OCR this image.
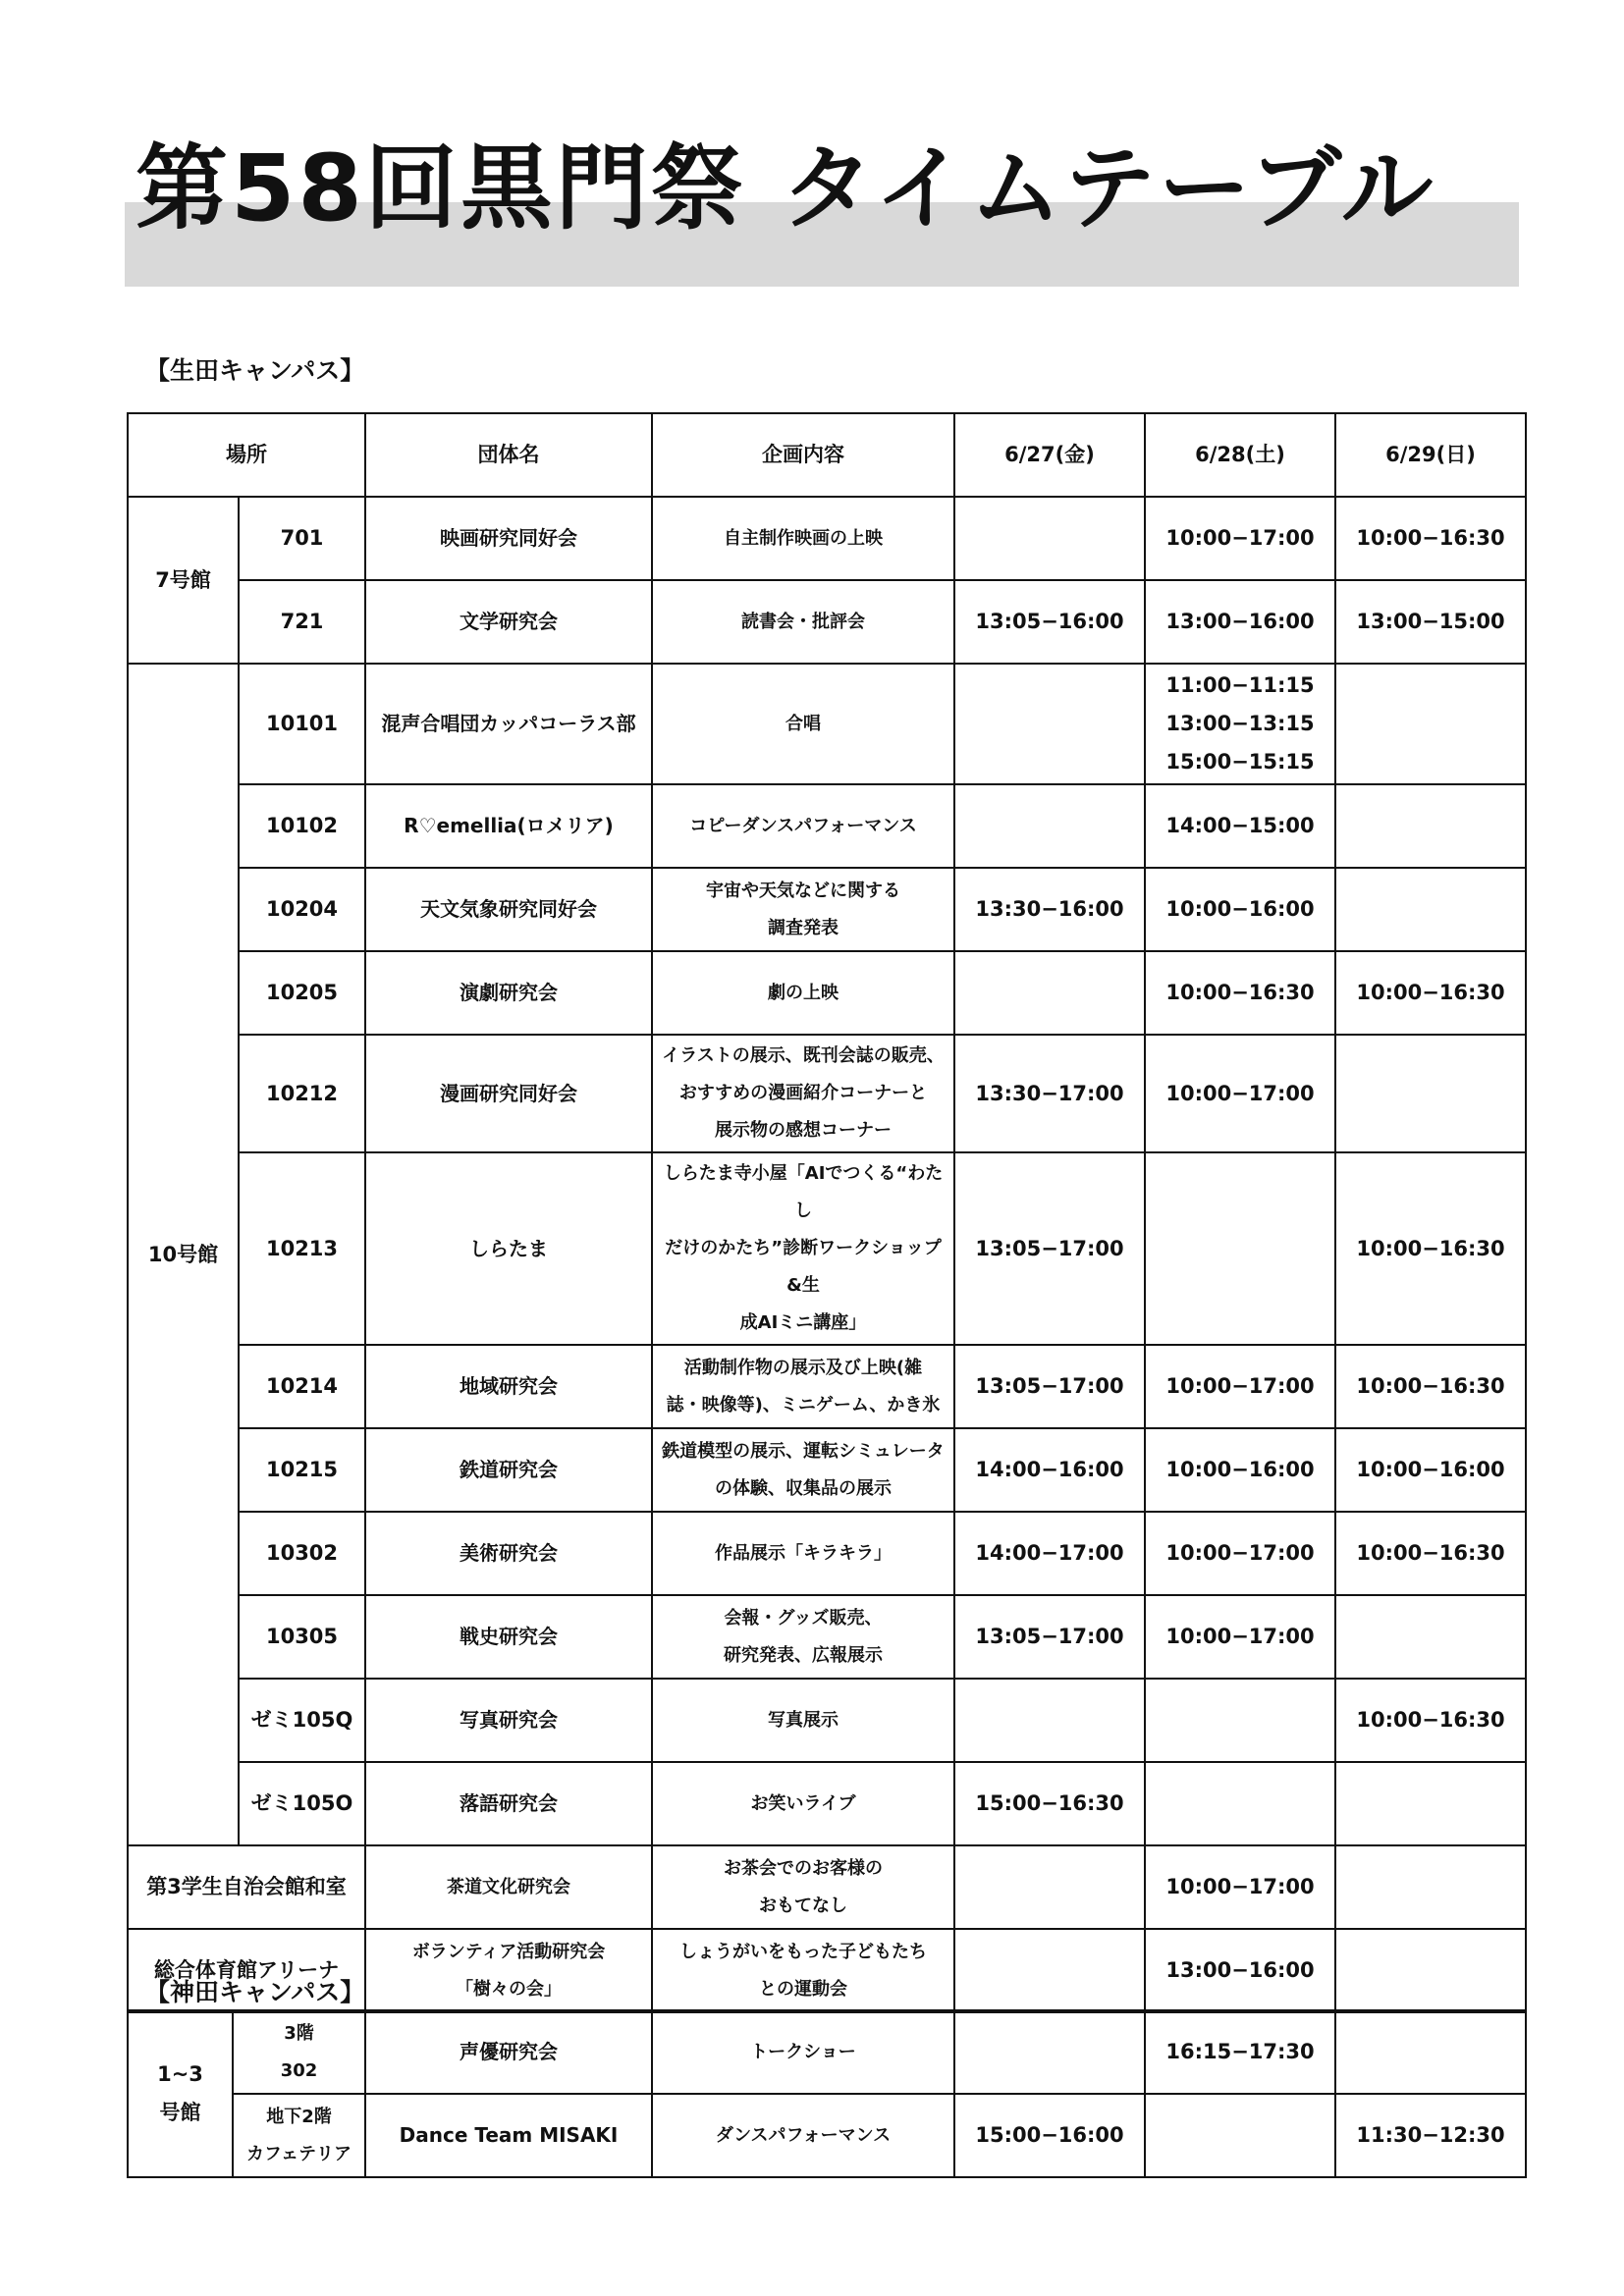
第58回黒門祭 タイムテーブル
【生田キャンパス】
場所		団体名	企画内容	6/27(金)	6/28(土)	6/29(日)

7号館	701	映画研究同好会	自主制作映画の上映		10:00−17:00	10:00−16:30

	721	文学研究会	読書会・批評会	13:05−16:00	13:00−16:00	13:00−15:00

10号館	10101	混声合唱団カッパコーラス部	合唱		11:00−11:15
13:00−13:15
15:00−15:15	

	10102	R♡emellia(ロメリア)	コピーダンスパフォーマンス		14:00−15:00	

	10204	天文気象研究同好会	宇宙や天気などに関する
調査発表	13:30−16:00	10:00−16:00	

	10205	演劇研究会	劇の上映		10:00−16:30	10:00−16:30

	10212	漫画研究同好会	イラストの展示、既刊会誌の販売、
おすすめの漫画紹介コーナーと
展示物の感想コーナー	13:30−17:00	10:00−17:00	

	10213	しらたま	しらたま寺小屋「AIでつくる“わたし
だけのかたち”診断ワークショップ&生
成AIミニ講座」	13:05−17:00		10:00−16:30

	10214	地域研究会	活動制作物の展示及び上映(雑
誌・映像等)、ミニゲーム、かき氷	13:05−17:00	10:00−17:00	10:00−16:30

	10215	鉄道研究会	鉄道模型の展示、運転シミュレータ
の体験、収集品の展示	14:00−16:00	10:00−16:00	10:00−16:00

	10302	美術研究会	作品展示「キラキラ」	14:00−17:00	10:00−17:00	10:00−16:30

	10305	戦史研究会	会報・グッズ販売、
研究発表、広報展示	13:05−17:00	10:00−17:00	

	ゼミ105Q	写真研究会	写真展示			10:00−16:30

	ゼミ105O	落語研究会	お笑いライブ	15:00−16:30		

第3学生自治会館和室		茶道文化研究会	お茶会でのお客様の
おもてなし		10:00−17:00	

総合体育館アリーナ		ボランティア活動研究会
「樹々の会」	しょうがいをもった子どもたち
との運動会		13:00−16:00	

【神田キャンパス】
1~3
号館	3階
302	声優研究会	トークショー		16:15−17:30	

	地下2階
カフェテリア	Dance Team MISAKI	ダンスパフォーマンス	15:00−16:00		11:30−12:30
